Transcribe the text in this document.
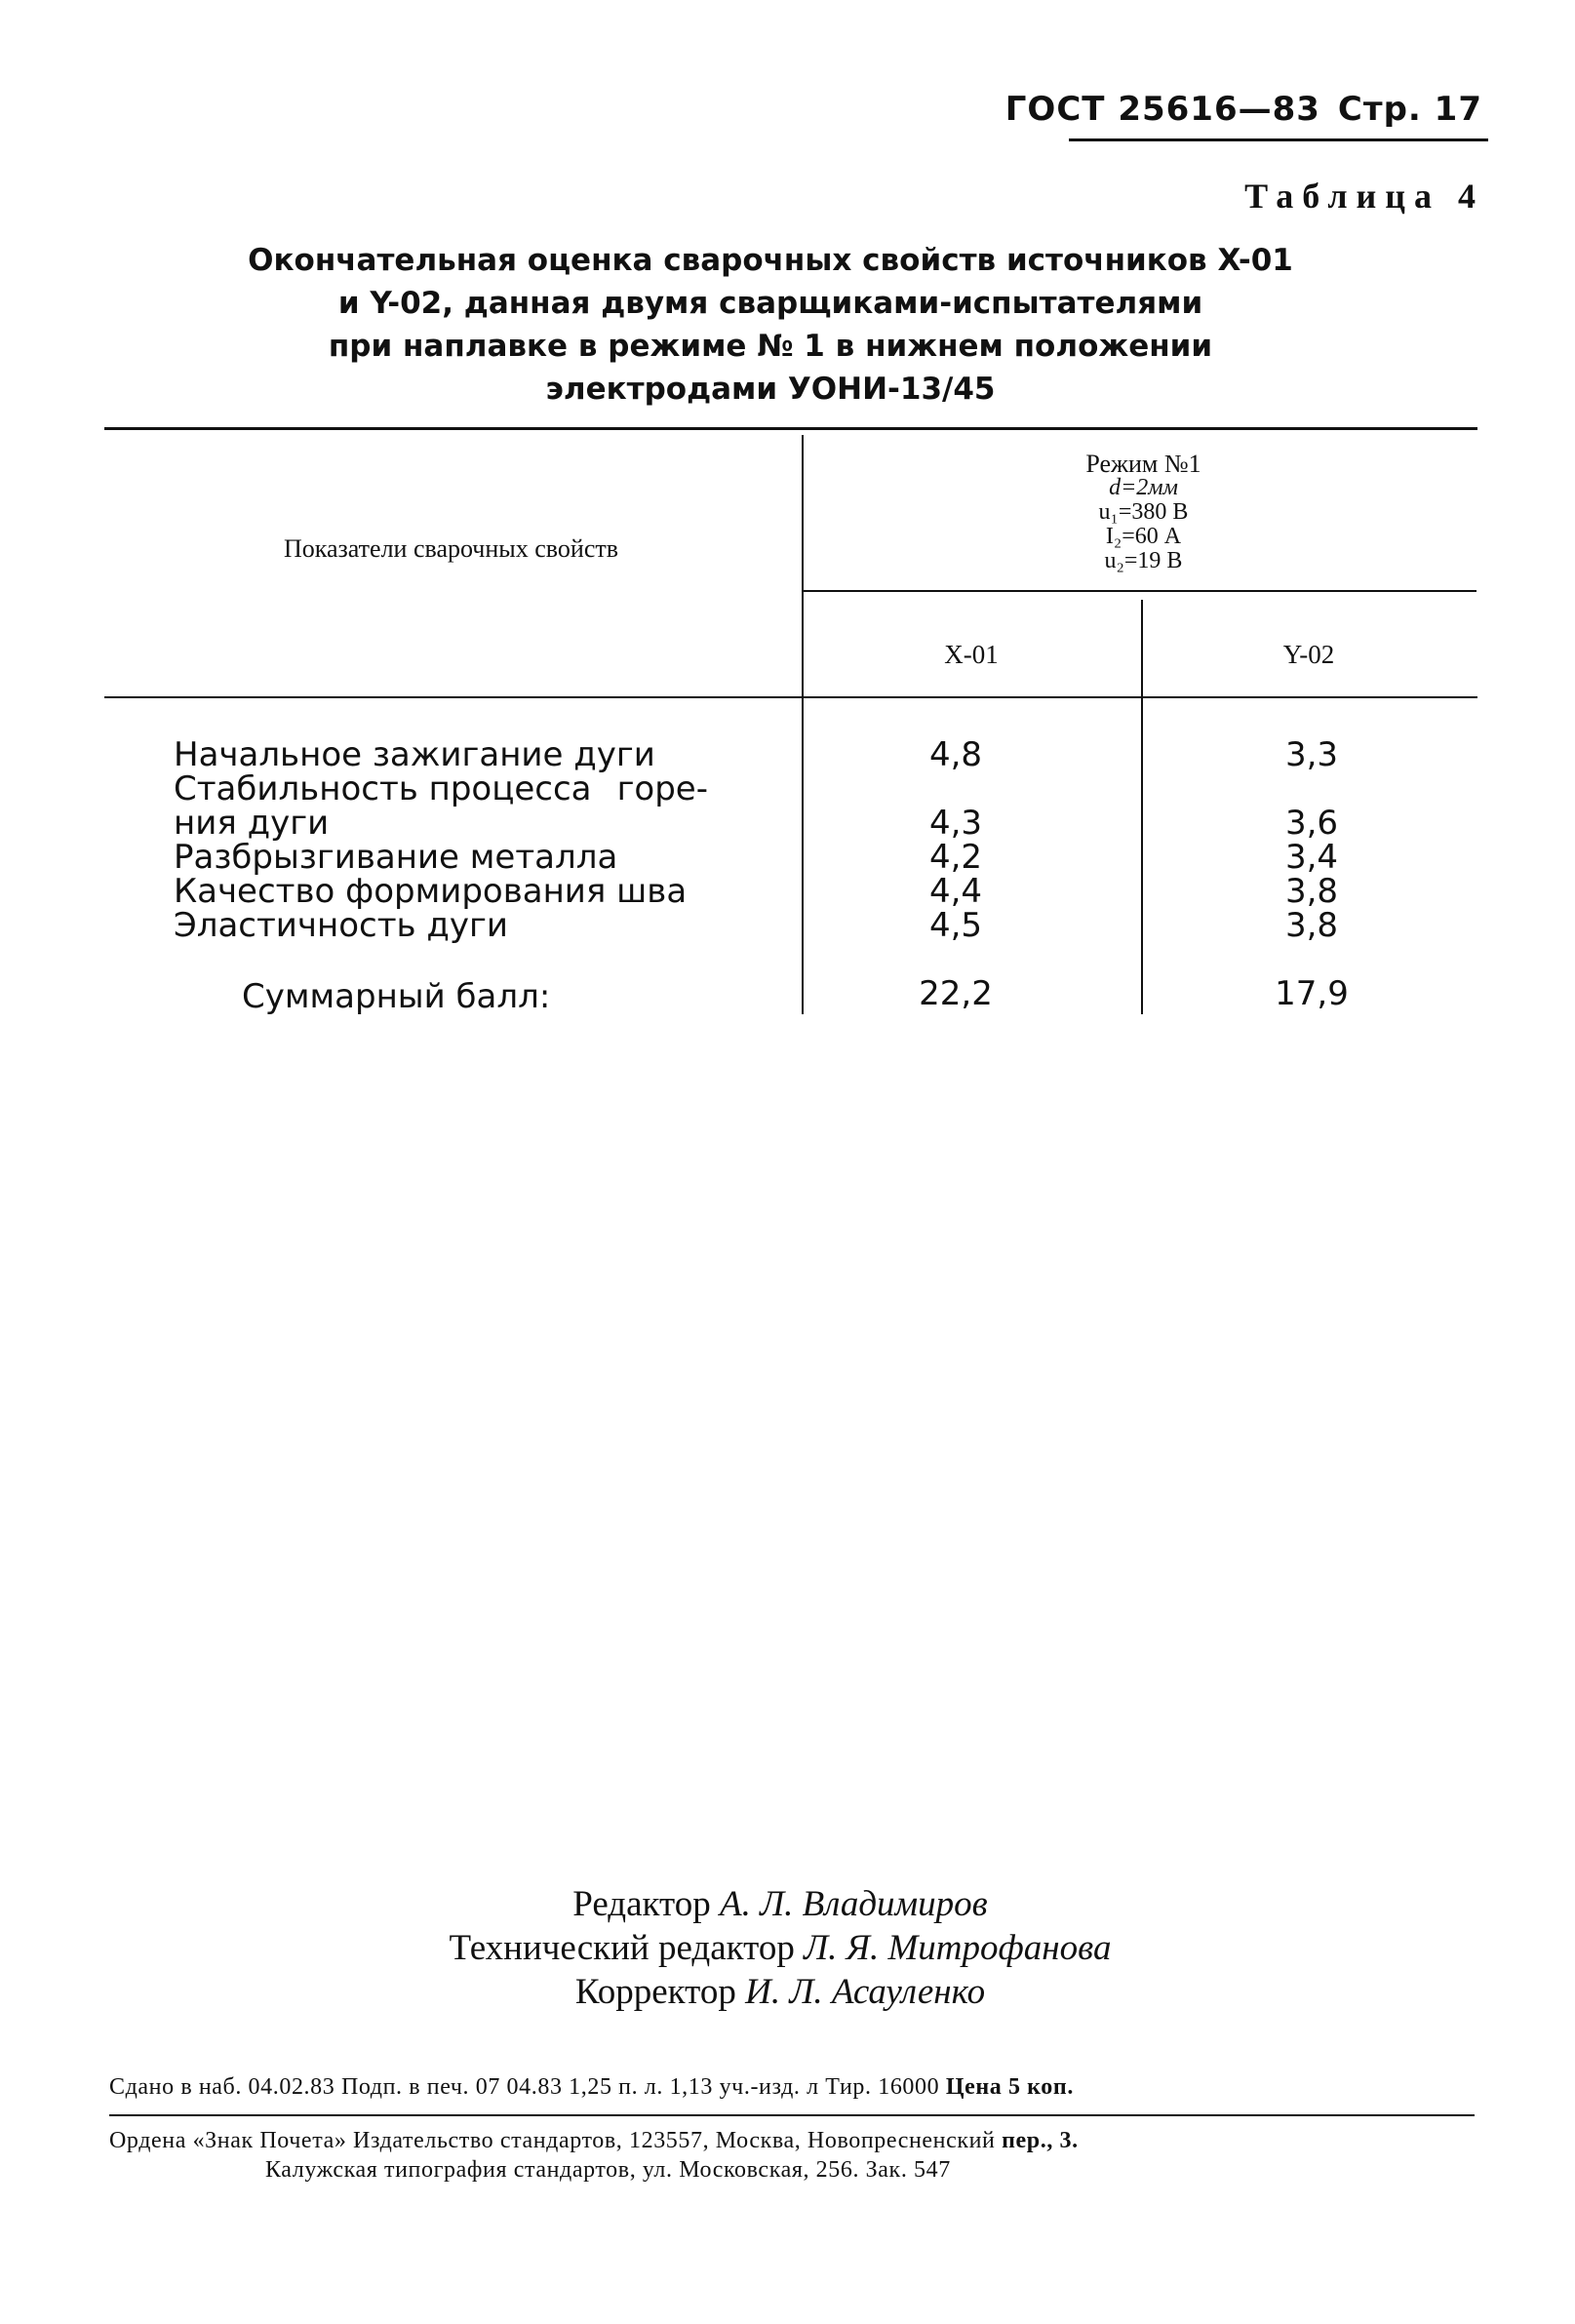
ГОСТ 25616—83 Стр. 17
Таблица 4
Окончательная оценка сварочных свойств источников X-01
и Y-02, данная двумя сварщиками-испытателями
при наплавке в режиме № 1 в нижнем положении
электродами УОНИ-13/45
Показатели сварочных свойств
Режим №1
d=2мм
u₁=380 В
I₂=60 А
u₂=19 В
X-01	Y-02
Начальное зажигание дуги	4,8	3,3
Стабильность процесса горе-
ния дуги	4,3	3,6
Разбрызгивание металла	4,2	3,4
Качество формирования шва	4,4	3,8
Эластичность дуги	4,5	3,8
Суммарный балл:	22,2	17,9
Редактор А. Л. Владимиров
Технический редактор Л. Я. Митрофанова
Корректор И. Л. Асауленко
Сдано в наб. 04.02.83 Подп. в печ. 07 04.83 1,25 п. л. 1,13 уч.-изд. л Тир. 16000 Цена 5 коп.
Ордена «Знак Почета» Издательство стандартов, 123557, Москва, Новопресненский пер., 3.
Калужская типография стандартов, ул. Московская, 256. Зак. 547
